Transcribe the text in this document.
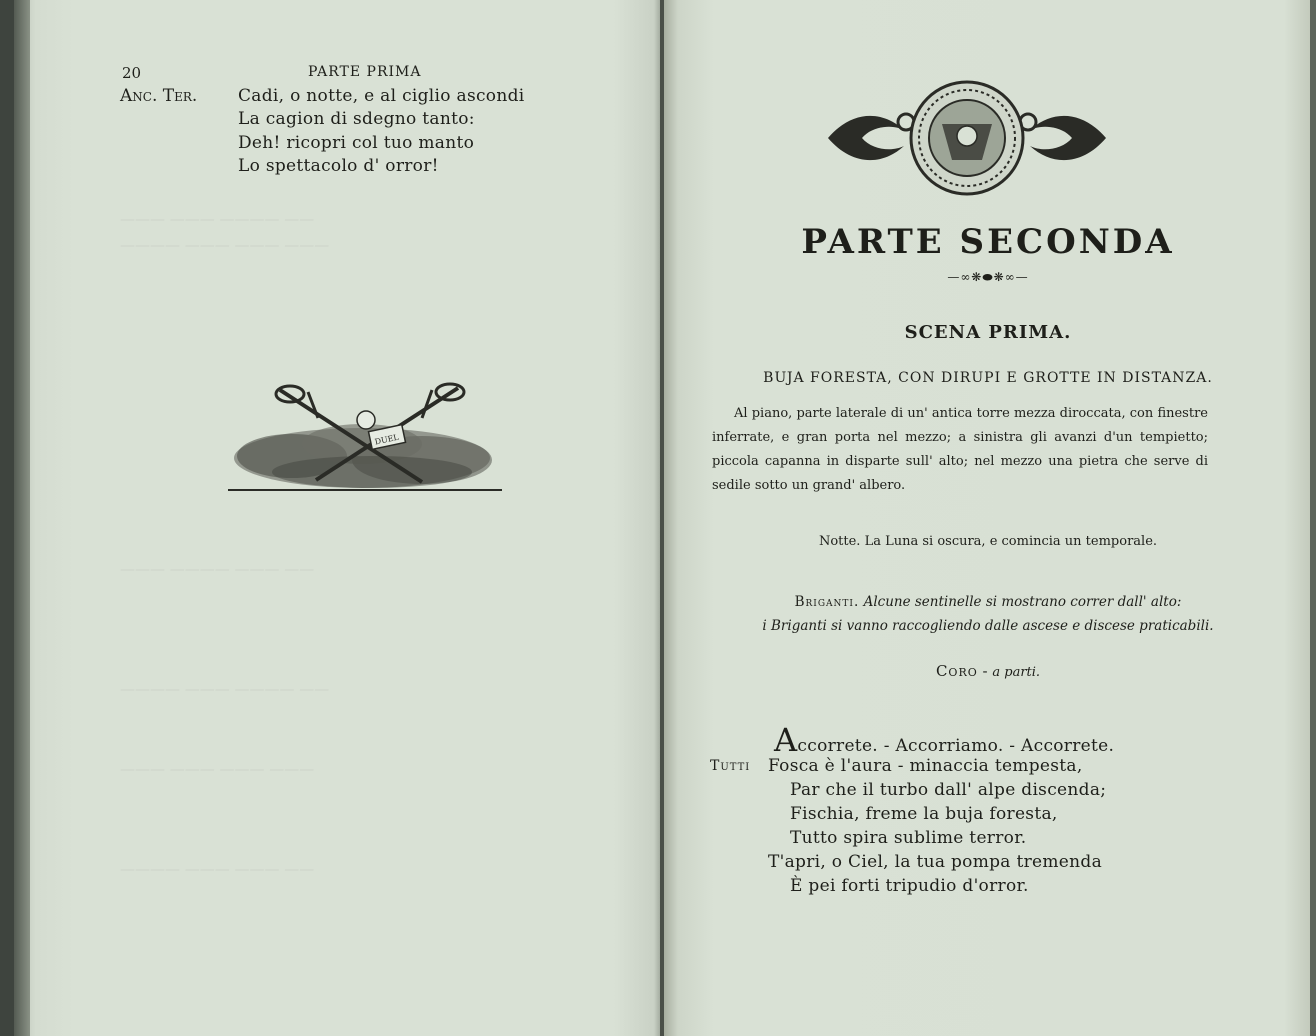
——— ——— ———— ——
———— ——— ——— ———
——— ———— ——— ——
———— ——— ———— ——
——— ——— ——— ———
———— ——— ——— ——
20	PARTE PRIMA
Anc. Ter. Cadi, o notte, e al ciglio ascondi
La cagion di sdegno tanto:
Deh! ricopri col tuo manto
Lo spettacolo d' orror!
DUEL
PARTE SECONDA
—∞❋⬬❋∞—
SCENA PRIMA.
BUJA FORESTA, CON DIRUPI E GROTTE IN DISTANZA.
Al piano, parte laterale di un' antica torre mezza diroccata, con finestre inferrate, e gran porta nel mezzo; a sinistra gli avanzi d'un tempietto; piccola capanna in disparte sull' alto; nel mezzo una pietra che serve di sedile sotto un grand' albero.
Notte. La Luna si oscura, e comincia un temporale.
Briganti. Alcune sentinelle si mostrano correr dall' alto:
i Briganti si vanno raccogliendo dalle ascese e discese praticabili.
Coro - a parti.
Accorrete. - Accorriamo. - Accorrete.
Tutti Fosca è l'aura - minaccia tempesta,
Par che il turbo dall' alpe discenda;
Fischia, freme la buja foresta,
Tutto spira sublime terror.
T'apri, o Ciel, la tua pompa tremenda
È pei forti tripudio d'orror.
